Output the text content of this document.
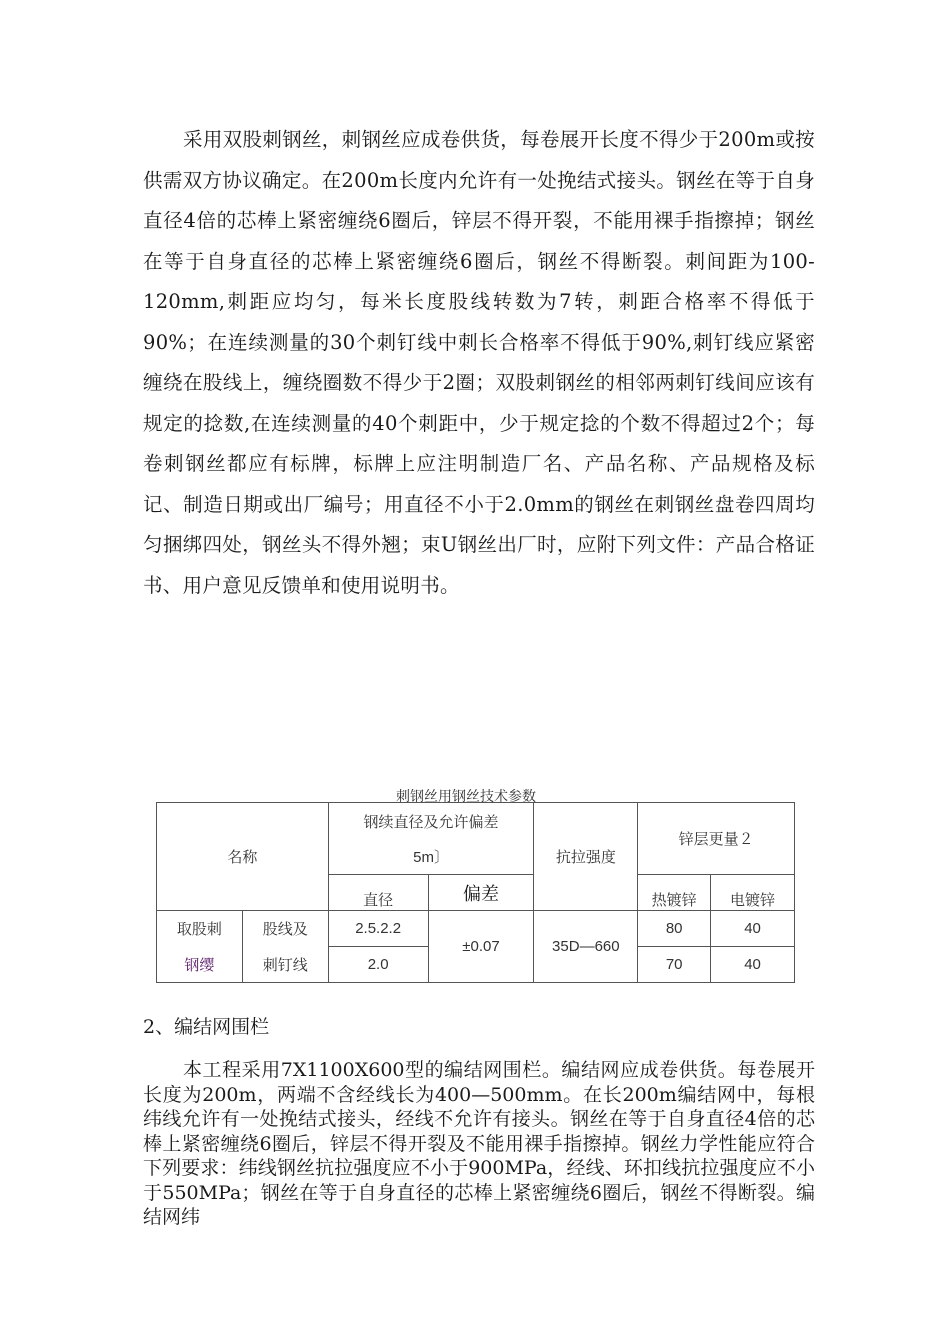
采用双股刺钢丝，刺钢丝应成卷供货，每卷展开长度不得少于200m或按供需双方协议确定。在200m长度内允许有一处挽结式接头。钢丝在等于自身直径4倍的芯棒上紧密缠绕6圈后，锌层不得开裂，不能用裸手指擦掉；钢丝在等于自身直径的芯棒上紧密缠绕6圈后，钢丝不得断裂。刺间距为100-120mm,刺距应均匀，每米长度股线转数为7转，刺距合格率不得低于90%；在连续测量的30个刺钉线中刺长合格率不得低于90%,刺钉线应紧密缠绕在股线上，缠绕圈数不得少于2圈；双股刺钢丝的相邻两刺钉线间应该有规定的捻数,在连续测量的40个刺距中，少于规定捻的个数不得超过2个；每卷刺钢丝都应有标牌，标牌上应注明制造厂名、产品名称、产品规格及标记、制造日期或出厂编号；用直径不小于2.0mm的钢丝在刺钢丝盘卷四周均匀捆绑四处，钢丝头不得外翘；束U钢丝出厂时，应附下列文件：产品合格证书、用户意见反馈单和使用说明书。

刺钢丝用钢丝技术参数
名称		钢续直径及允许偏差
5m〕		抗拉强度	锌层更量２	
		直径	偏差		热镀锌	电镀锌
取股刺	股线及	2.5.2.2	±0.07	35D—660	80	40
钢缨	刺钉线	2.0			70	40
2、编结网围栏

本工程采用7X1100X600型的编结网围栏。编结网应成卷供货。每卷展开长度为200m，两端不含经线长为400—500mm。在长200m编结网中，每根纬线允许有一处挽结式接头，经线不允许有接头。钢丝在等于自身直径4倍的芯棒上紧密缠绕6圈后，锌层不得开裂及不能用裸手指擦掉。钢丝力学性能应符合下列要求：纬线钢丝抗拉强度应不小于900MPa，经线、环扣线抗拉强度应不小于550MPa；钢丝在等于自身直径的芯棒上紧密缠绕6圈后，钢丝不得断裂。编结网纬
